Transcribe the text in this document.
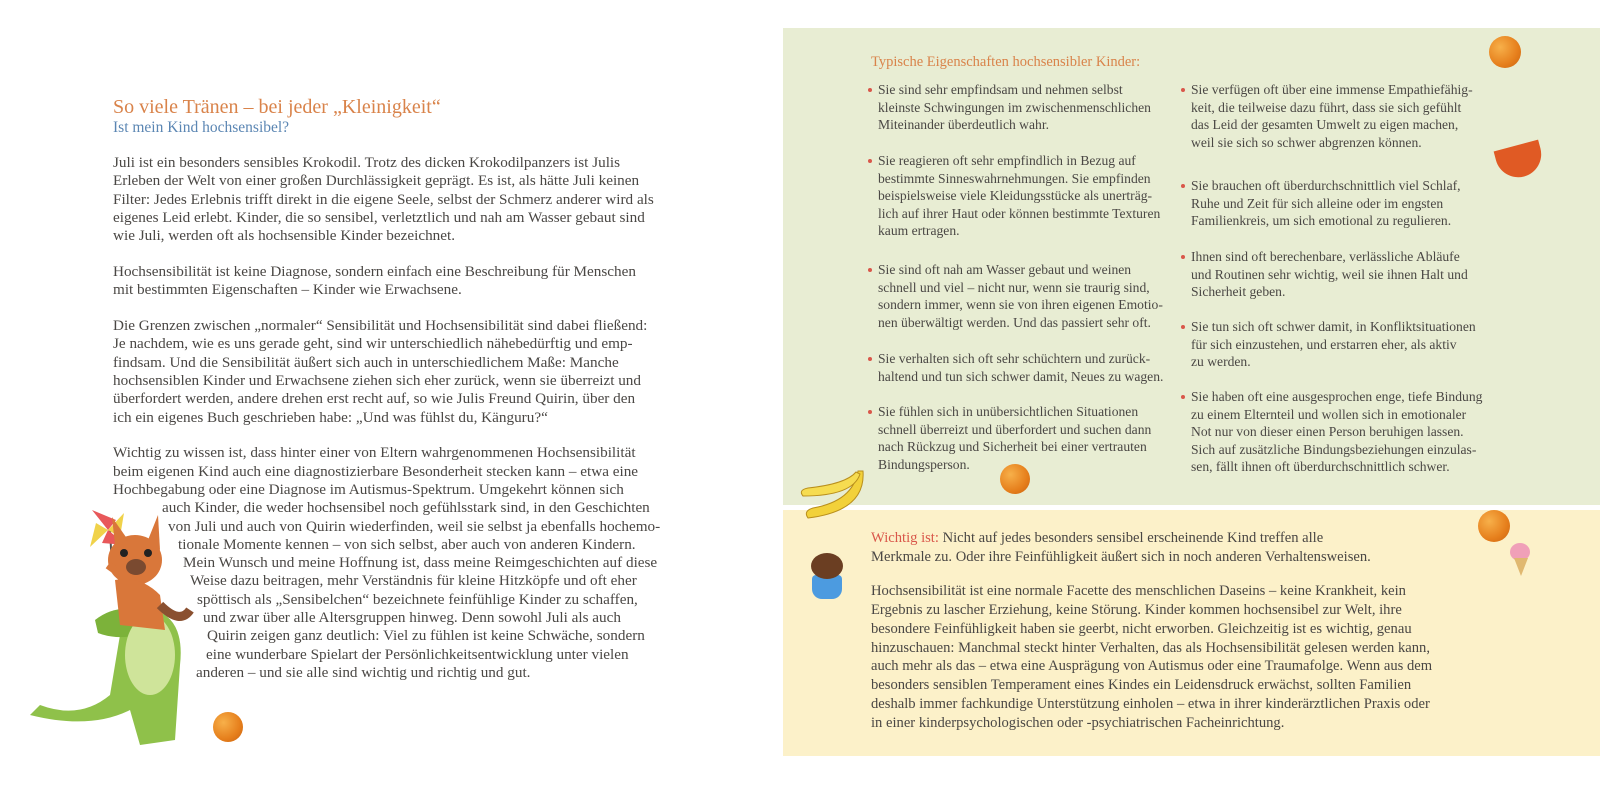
So viele Tränen – bei jeder „Kleinigkeit“
Ist mein Kind hochsensibel?
Juli ist ein besonders sensibles Krokodil. Trotz des dicken Krokodilpanzers ist Julis
Erleben der Welt von einer großen Durchlässigkeit geprägt. Es ist, als hätte Juli keinen
Filter: Jedes Erlebnis trifft direkt in die eigene Seele, selbst der Schmerz anderer wird als
eigenes Leid erlebt. Kinder, die so sensibel, verletztlich und nah am Wasser gebaut sind
wie Juli, werden oft als hochsensible Kinder bezeichnet.
Hochsensibilität ist keine Diagnose, sondern einfach eine Beschreibung für Menschen
mit bestimmten Eigenschaften – Kinder wie Erwachsene.
Die Grenzen zwischen „normaler“ Sensibilität und Hochsensibilität sind dabei fließend:
Je nachdem, wie es uns gerade geht, sind wir unterschiedlich nähebedürftig und emp-
findsam. Und die Sensibilität äußert sich auch in unterschiedlichem Maße: Manche
hochsensiblen Kinder und Erwachsene ziehen sich eher zurück, wenn sie überreizt und
überfordert werden, andere drehen erst recht auf, so wie Julis Freund Quirin, über den
ich ein eigenes Buch geschrieben habe: „Und was fühlst du, Känguru?“
Wichtig zu wissen ist, dass hinter einer von Eltern wahrgenommenen Hochsensibilität
beim eigenen Kind auch eine diagnostizierbare Besonderheit stecken kann – etwa eine
Hochbegabung oder eine Diagnose im Autismus-Spektrum. Umgekehrt können sich
auch Kinder, die weder hochsensibel noch gefühlsstark sind, in den Geschichten
von Juli und auch von Quirin wiederfinden, weil sie selbst ja ebenfalls hochemo-
tionale Momente kennen – von sich selbst, aber auch von anderen Kindern.
Mein Wunsch und meine Hoffnung ist, dass meine Reimgeschichten auf diese
Weise dazu beitragen, mehr Verständnis für kleine Hitzköpfe und oft eher
spöttisch als „Sensibelchen“ bezeichnete feinfühlige Kinder zu schaffen,
und zwar über alle Altersgruppen hinweg. Denn sowohl Juli als auch
Quirin zeigen ganz deutlich: Viel zu fühlen ist keine Schwäche, sondern
eine wunderbare Spielart der Persönlichkeitsentwicklung unter vielen
anderen – und sie alle sind wichtig und richtig und gut.
Typische Eigenschaften hochsensibler Kinder:
Sie sind sehr empfindsam und nehmen selbst
kleinste Schwingungen im zwischenmenschlichen
Miteinander überdeutlich wahr.
Sie reagieren oft sehr empfindlich in Bezug auf
bestimmte Sinneswahrnehmungen. Sie empfinden
beispielsweise viele Kleidungsstücke als unerträg-
lich auf ihrer Haut oder können bestimmte Texturen
kaum ertragen.
Sie sind oft nah am Wasser gebaut und weinen
schnell und viel – nicht nur, wenn sie traurig sind,
sondern immer, wenn sie von ihren eigenen Emotio-
nen überwältigt werden. Und das passiert sehr oft.
Sie verhalten sich oft sehr schüchtern und zurück-
haltend und tun sich schwer damit, Neues zu wagen.
Sie fühlen sich in unübersichtlichen Situationen
schnell überreizt und überfordert und suchen dann
nach Rückzug und Sicherheit bei einer vertrauten
Bindungsperson.
Sie verfügen oft über eine immense Empathiefähig-
keit, die teilweise dazu führt, dass sie sich gefühlt
das Leid der gesamten Umwelt zu eigen machen,
weil sie sich so schwer abgrenzen können.
Sie brauchen oft überdurchschnittlich viel Schlaf,
Ruhe und Zeit für sich alleine oder im engsten
Familienkreis, um sich emotional zu regulieren.
Ihnen sind oft berechenbare, verlässliche Abläufe
und Routinen sehr wichtig, weil sie ihnen Halt und
Sicherheit geben.
Sie tun sich oft schwer damit, in Konfliktsituationen
für sich einzustehen, und erstarren eher, als aktiv
zu werden.
Sie haben oft eine ausgesprochen enge, tiefe Bindung
zu einem Elternteil und wollen sich in emotionaler
Not nur von dieser einen Person beruhigen lassen.
Sich auf zusätzliche Bindungsbeziehungen einzulas-
sen, fällt ihnen oft überdurchschnittlich schwer.
Wichtig ist: Nicht auf jedes besonders sensibel erscheinende Kind treffen alle
Merkmale zu. Oder ihre Feinfühligkeit äußert sich in noch anderen Verhaltensweisen.
Hochsensibilität ist eine normale Facette des menschlichen Daseins – keine Krankheit, kein
Ergebnis zu lascher Erziehung, keine Störung. Kinder kommen hochsensibel zur Welt, ihre
besondere Feinfühligkeit haben sie geerbt, nicht erworben. Gleichzeitig ist es wichtig, genau
hinzuschauen: Manchmal steckt hinter Verhalten, das als Hochsensibilität gelesen werden kann,
auch mehr als das – etwa eine Ausprägung von Autismus oder eine Traumafolge. Wenn aus dem
besonders sensiblen Temperament eines Kindes ein Leidensdruck erwächst, sollten Familien
deshalb immer fachkundige Unterstützung einholen – etwa in ihrer kinderärztlichen Praxis oder
in einer kinderpsychologischen oder -psychiatrischen Facheinrichtung.
